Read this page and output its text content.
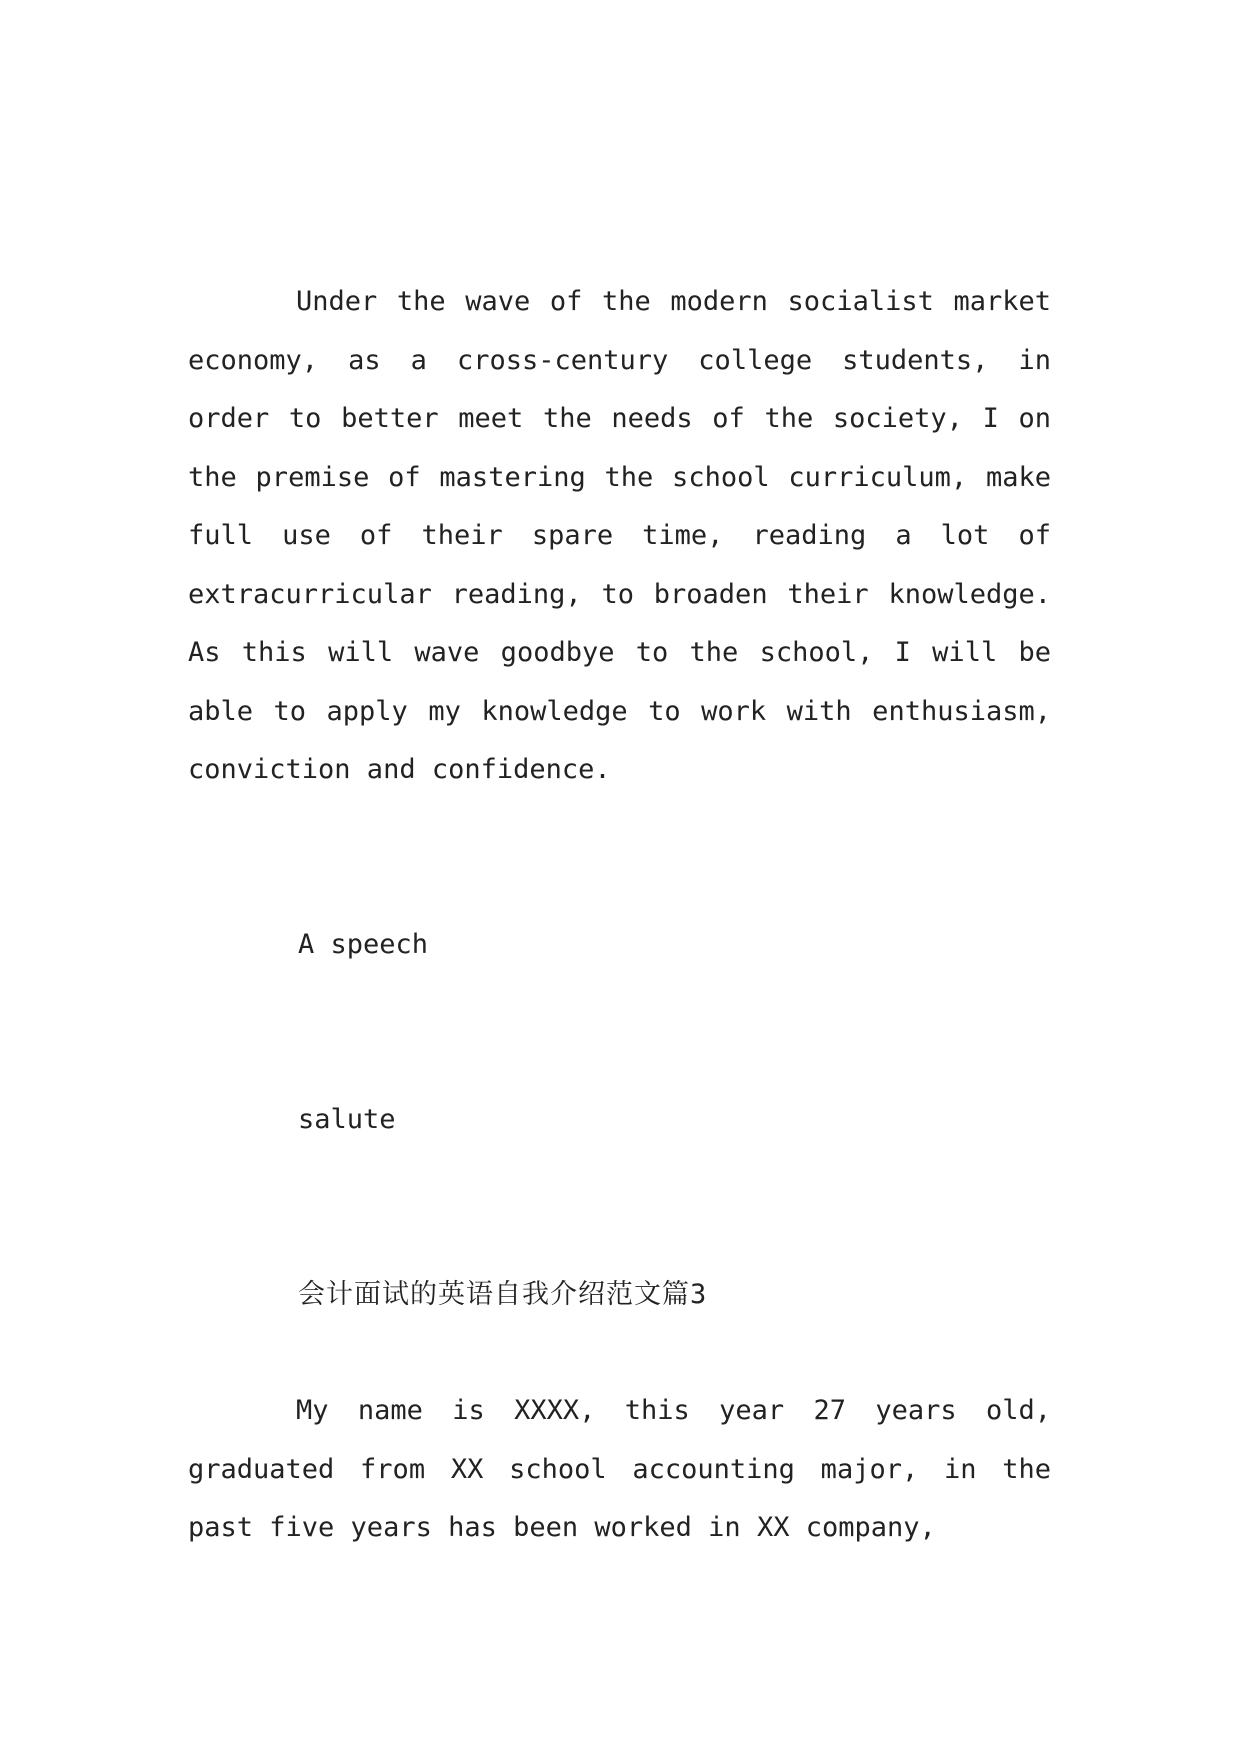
Under the wave of the modern socialist market economy, as a cross-century college students, in order to better meet the needs of the society, I on the premise of mastering the school curriculum, make full use of their spare time, reading a lot of extracurricular reading, to broaden their knowledge. As this will wave goodbye to the school, I will be able to apply my knowledge to work with enthusiasm, conviction and confidence.

A speech

salute

会计面试的英语自我介绍范文篇3

My name is XXXX, this year 27 years old, graduated from XX school accounting major, in the past five years has been worked in XX company,
